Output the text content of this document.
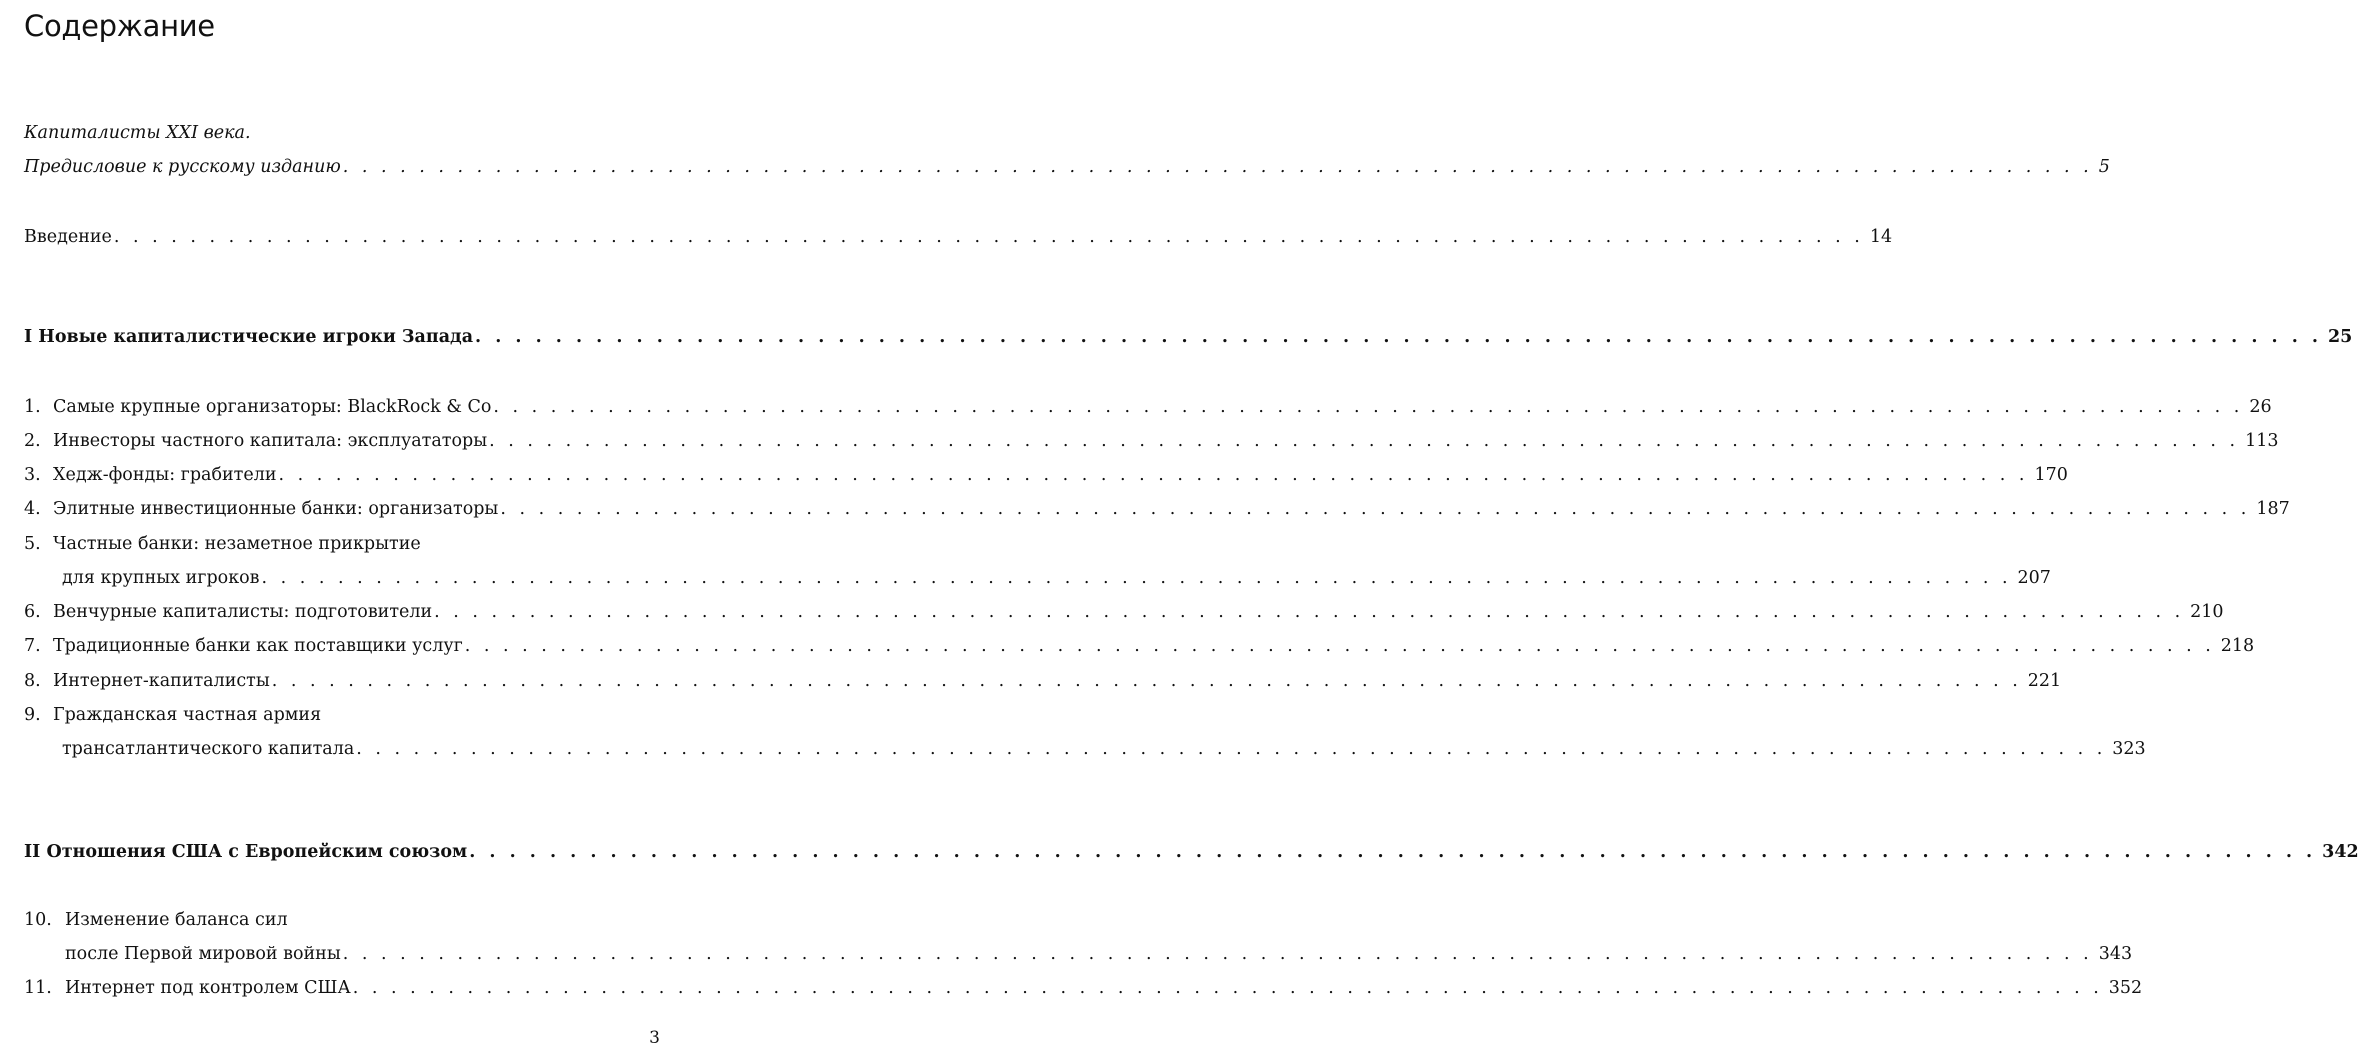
Содержание
Капиталисты XXI века.
Предисловие к русскому изданию . . . . . . . . . . . . . . . . . . . . . . . . . . . . . . . . . . . . . . . . . . . . . . . . . . . . . . . . . . . . . . . . . . . . . . . . . . . . . . . . . . . . . . . . . . . . 5
Введение . . . . . . . . . . . . . . . . . . . . . . . . . . . . . . . . . . . . . . . . . . . . . . . . . . . . . . . . . . . . . . . . . . . . . . . . . . . . . . . . . . . . . . . . . . . . 14
I Новые капиталистические игроки Запада . . . . . . . . . . . . . . . . . . . . . . . . . . . . . . . . . . . . . . . . . . . . . . . . . . . . . . . . . . . . . . . . . . . . . . . . . . . . . . . . . . . . . . . . . . . . 25
1. Самые крупные организаторы: BlackRock & Co . . . . . . . . . . . . . . . . . . . . . . . . . . . . . . . . . . . . . . . . . . . . . . . . . . . . . . . . . . . . . . . . . . . . . . . . . . . . . . . . . . . . . . . . . . . . 26
2. Инвесторы частного капитала: эксплуататоры . . . . . . . . . . . . . . . . . . . . . . . . . . . . . . . . . . . . . . . . . . . . . . . . . . . . . . . . . . . . . . . . . . . . . . . . . . . . . . . . . . . . . . . . . . . . 113
3. Хедж-фонды: грабители . . . . . . . . . . . . . . . . . . . . . . . . . . . . . . . . . . . . . . . . . . . . . . . . . . . . . . . . . . . . . . . . . . . . . . . . . . . . . . . . . . . . . . . . . . . . 170
4. Элитные инвестиционные банки: организаторы . . . . . . . . . . . . . . . . . . . . . . . . . . . . . . . . . . . . . . . . . . . . . . . . . . . . . . . . . . . . . . . . . . . . . . . . . . . . . . . . . . . . . . . . . . . . 187
5. Частные банки: незаметное прикрытие
для крупных игроков . . . . . . . . . . . . . . . . . . . . . . . . . . . . . . . . . . . . . . . . . . . . . . . . . . . . . . . . . . . . . . . . . . . . . . . . . . . . . . . . . . . . . . . . . . . . 207
6. Венчурные капиталисты: подготовители . . . . . . . . . . . . . . . . . . . . . . . . . . . . . . . . . . . . . . . . . . . . . . . . . . . . . . . . . . . . . . . . . . . . . . . . . . . . . . . . . . . . . . . . . . . . 210
7. Традиционные банки как поставщики услуг . . . . . . . . . . . . . . . . . . . . . . . . . . . . . . . . . . . . . . . . . . . . . . . . . . . . . . . . . . . . . . . . . . . . . . . . . . . . . . . . . . . . . . . . . . . . 218
8. Интернет-капиталисты . . . . . . . . . . . . . . . . . . . . . . . . . . . . . . . . . . . . . . . . . . . . . . . . . . . . . . . . . . . . . . . . . . . . . . . . . . . . . . . . . . . . . . . . . . . . 221
9. Гражданская частная армия
трансатлантического капитала . . . . . . . . . . . . . . . . . . . . . . . . . . . . . . . . . . . . . . . . . . . . . . . . . . . . . . . . . . . . . . . . . . . . . . . . . . . . . . . . . . . . . . . . . . . . 323
II Отношения США с Европейским союзом . . . . . . . . . . . . . . . . . . . . . . . . . . . . . . . . . . . . . . . . . . . . . . . . . . . . . . . . . . . . . . . . . . . . . . . . . . . . . . . . . . . . . . . . . . . . 342
10. Изменение баланса сил
после Первой мировой войны . . . . . . . . . . . . . . . . . . . . . . . . . . . . . . . . . . . . . . . . . . . . . . . . . . . . . . . . . . . . . . . . . . . . . . . . . . . . . . . . . . . . . . . . . . . . 343
11. Интернет под контролем США . . . . . . . . . . . . . . . . . . . . . . . . . . . . . . . . . . . . . . . . . . . . . . . . . . . . . . . . . . . . . . . . . . . . . . . . . . . . . . . . . . . . . . . . . . . . 352
3
